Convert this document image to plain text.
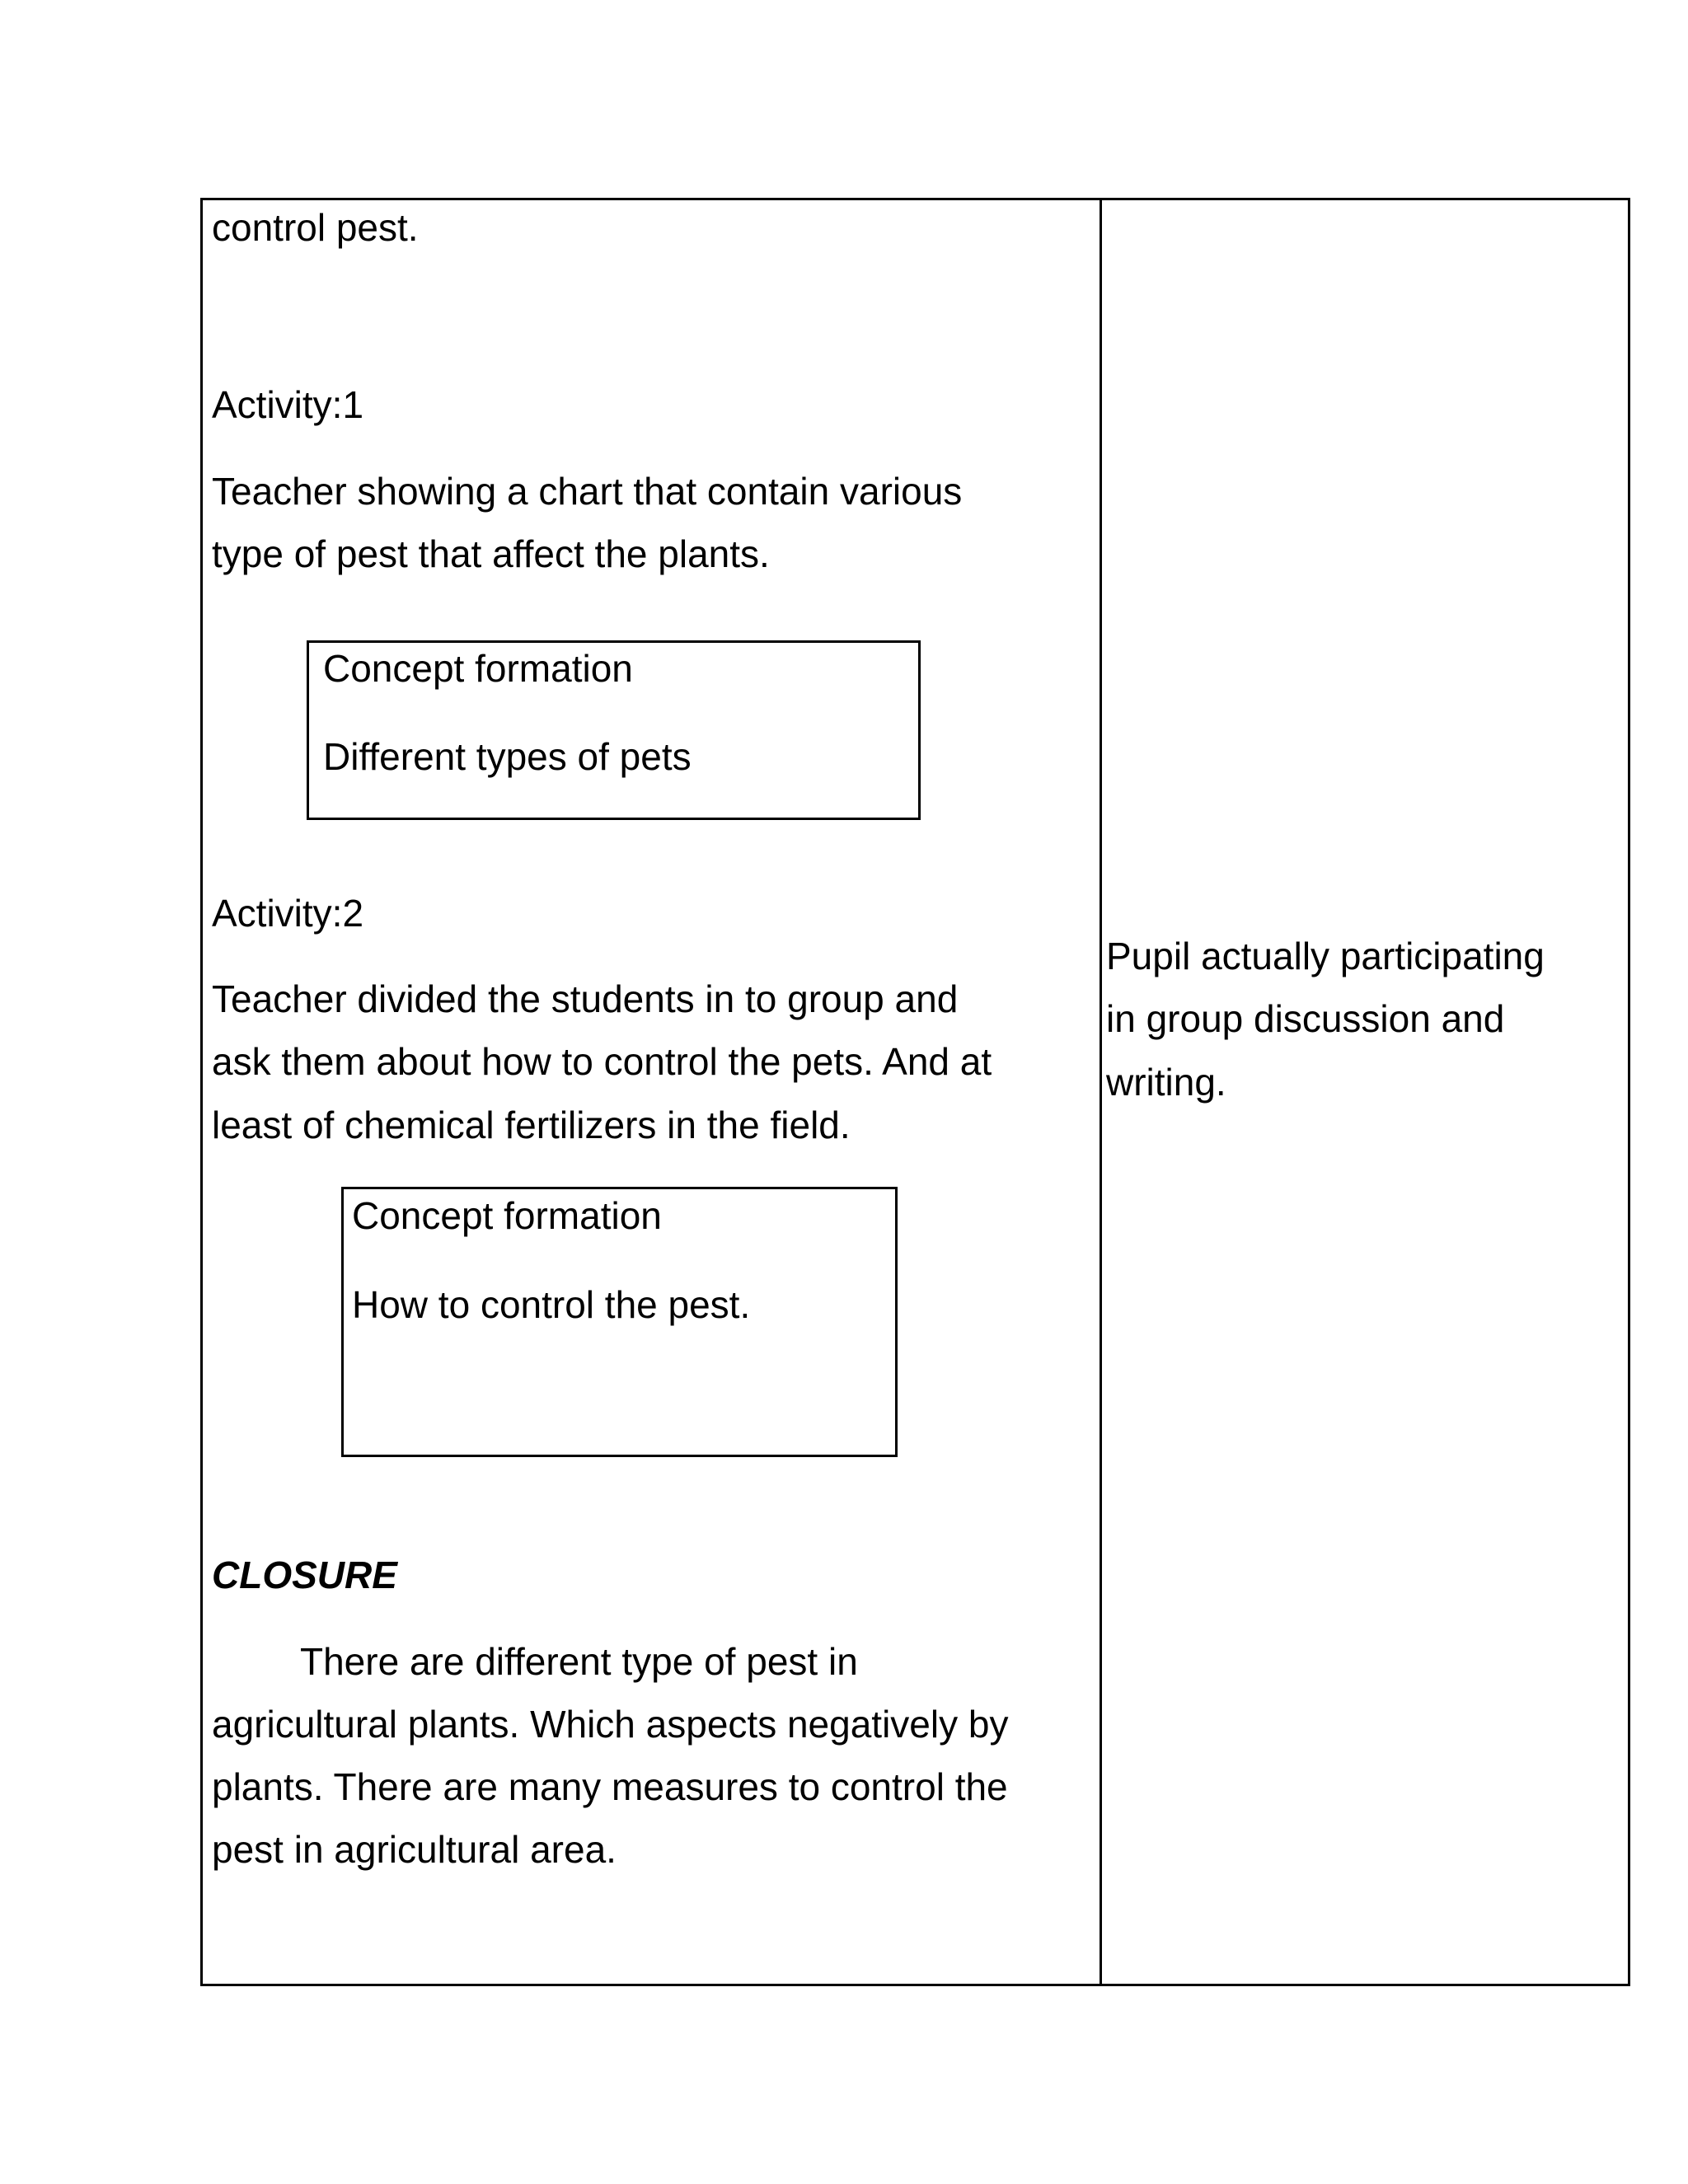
control pest.
Activity:1
Teacher showing a chart that contain various
type of pest that affect the plants.
Concept formation
Different types of pets
Activity:2
Teacher divided the students in to group and
ask them about how to control the pets. And at
least of chemical fertilizers in the field.
Concept formation
How to control the pest.
CLOSURE
There are different type of pest in
agricultural plants. Which aspects negatively by
plants. There are many measures to control the
pest in agricultural area.
Pupil actually participating
in group discussion and
writing.
